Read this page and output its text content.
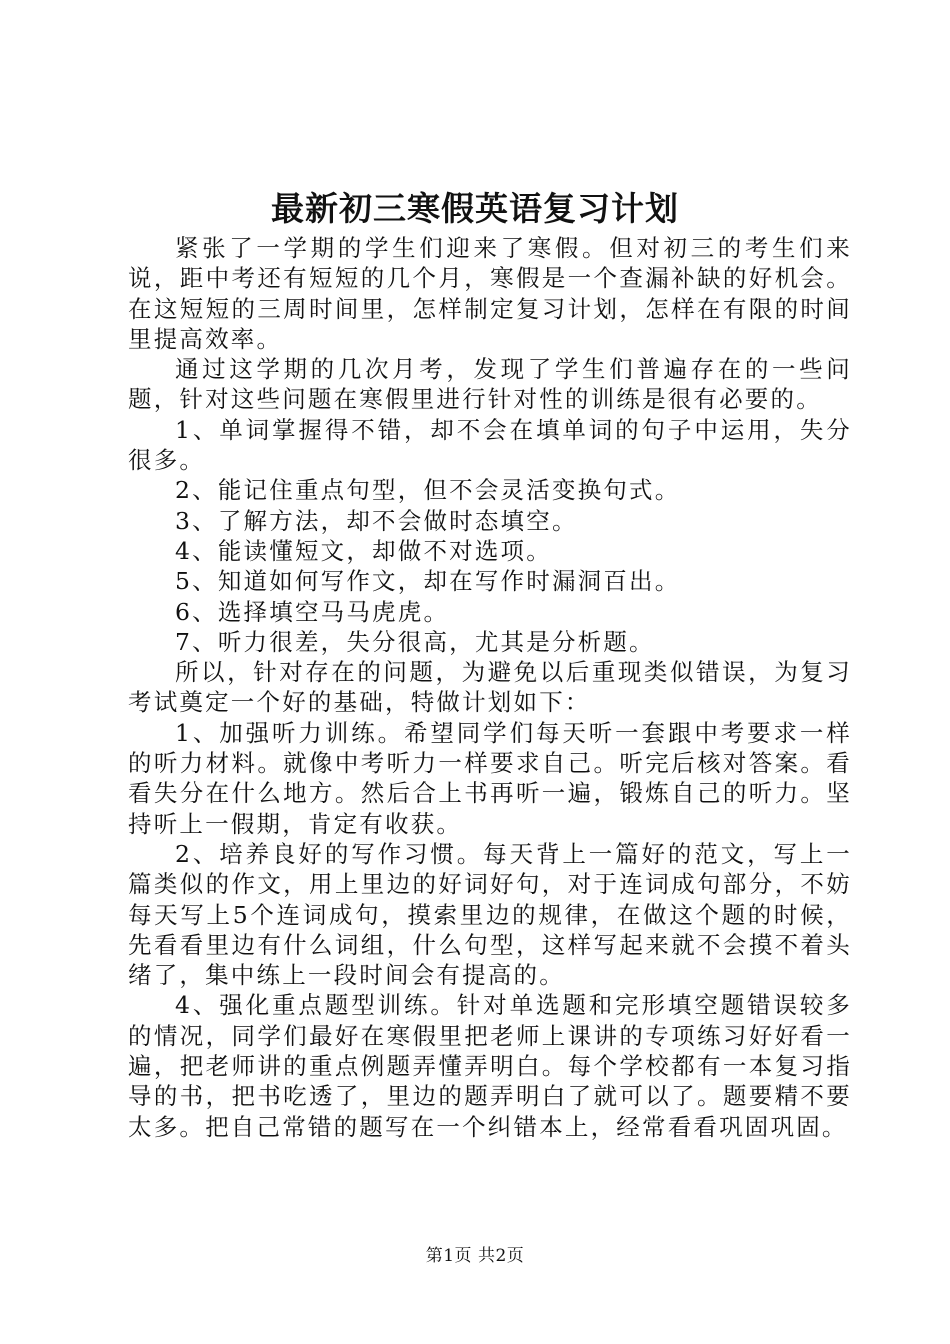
最新初三寒假英语复习计划

紧张了一学期的学生们迎来了寒假。但对初三的考生们来说，距中考还有短短的几个月，寒假是一个查漏补缺的好机会。在这短短的三周时间里，怎样制定复习计划，怎样在有限的时间里提高效率。

通过这学期的几次月考，发现了学生们普遍存在的一些问题，针对这些问题在寒假里进行针对性的训练是很有必要的。

1、单词掌握得不错，却不会在填单词的句子中运用，失分很多。

2、能记住重点句型，但不会灵活变换句式。

3、了解方法，却不会做时态填空。

4、能读懂短文，却做不对选项。

5、知道如何写作文，却在写作时漏洞百出。

6、选择填空马马虎虎。

7、听力很差，失分很高，尤其是分析题。

所以，针对存在的问题，为避免以后重现类似错误，为复习考试奠定一个好的基础，特做计划如下：

1、加强听力训练。希望同学们每天听一套跟中考要求一样的听力材料。就像中考听力一样要求自己。听完后核对答案。看看失分在什么地方。然后合上书再听一遍，锻炼自己的听力。坚持听上一假期，肯定有收获。

2、培养良好的写作习惯。每天背上一篇好的范文，写上一篇类似的作文，用上里边的好词好句，对于连词成句部分，不妨每天写上5个连词成句，摸索里边的规律，在做这个题的时候，先看看里边有什么词组，什么句型，这样写起来就不会摸不着头绪了，集中练上一段时间会有提高的。

4、强化重点题型训练。针对单选题和完形填空题错误较多的情况，同学们最好在寒假里把老师上课讲的专项练习好好看一遍，把老师讲的重点例题弄懂弄明白。每个学校都有一本复习指导的书，把书吃透了，里边的题弄明白了就可以了。题要精不要太多。把自己常错的题写在一个纠错本上，经常看看巩固巩固。

第1页 共2页
